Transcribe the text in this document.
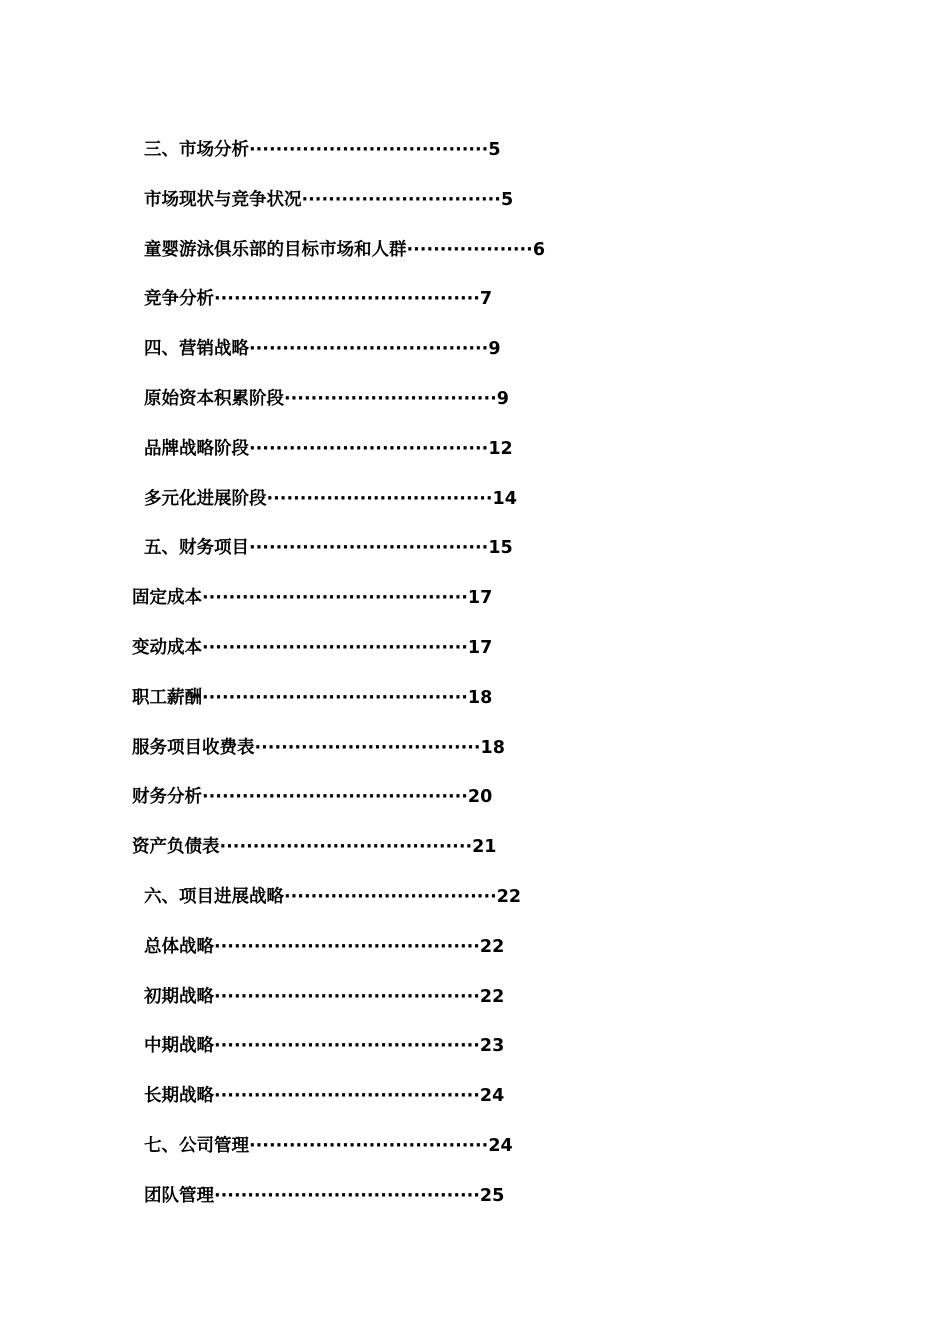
三、市场分析····································5
市场现状与竞争状况······························5
童婴游泳俱乐部的目标市场和人群···················6
竞争分析········································7
四、营销战略····································9
原始资本积累阶段································9
品牌战略阶段····································12
多元化进展阶段··································14
五、财务项目····································15
固定成本········································17
变动成本········································17
职工薪酬········································18
服务项目收费表··································18
财务分析········································20
资产负债表······································21
六、项目进展战略································22
总体战略········································22
初期战略········································22
中期战略········································23
长期战略········································24
七、公司管理····································24
团队管理········································25
